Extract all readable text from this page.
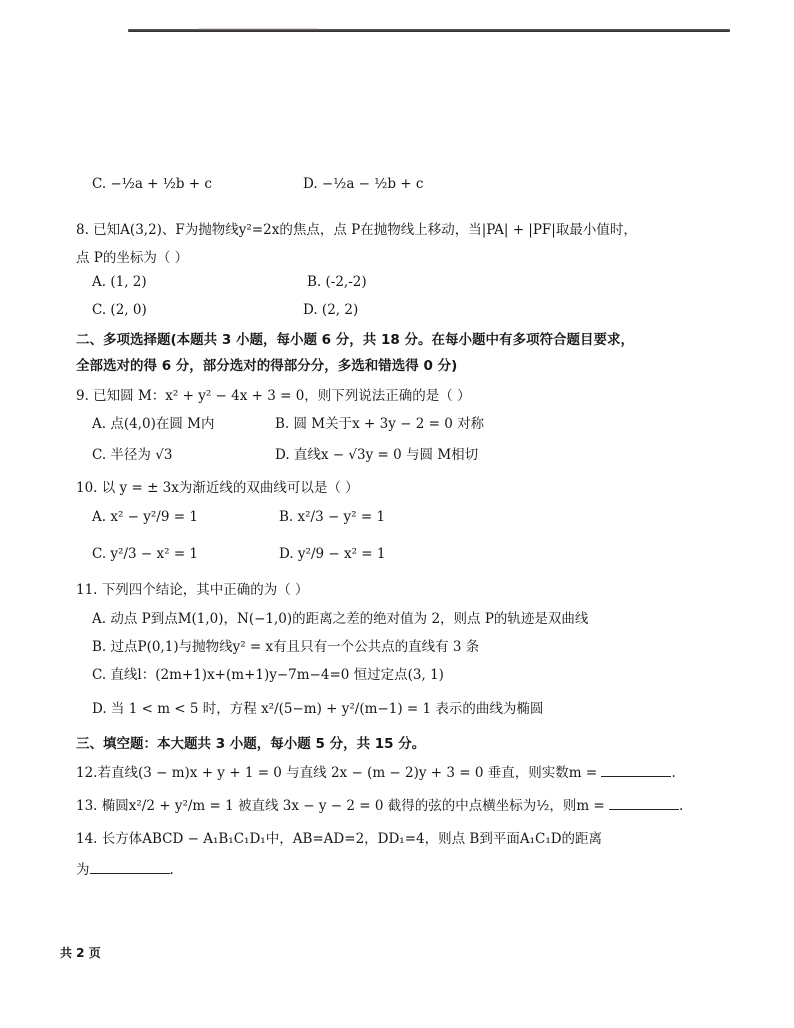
C. −½a + ½b + c	D. −½a − ½b + c
8. 已知A(3,2)、F为抛物线y²=2x的焦点，点 P在抛物线上移动，当|PA| + |PF|取最小值时，
点 P的坐标为（ ）
A. (1, 2)	B. (-2,-2)
C. (2, 0)	D. (2, 2)
二、多项选择题(本题共 3 小题，每小题 6 分，共 18 分。在每小题中有多项符合题目要求，
全部选对的得 6 分，部分选对的得部分分，多选和错选得 0 分)
9. 已知圆 M：x² + y² − 4x + 3 = 0，则下列说法正确的是（ ）
A. 点(4,0)在圆 M内	B. 圆 M关于x + 3y − 2 = 0 对称
C. 半径为 √3	D. 直线x − √3y = 0 与圆 M相切
10. 以 y = ± 3x为渐近线的双曲线可以是（ ）
A. x² − y²/9 = 1	B. x²/3 − y² = 1
C. y²/3 − x² = 1	D. y²/9 − x² = 1
11. 下列四个结论，其中正确的为（ ）
A. 动点 P到点M(1,0)，N(−1,0)的距离之差的绝对值为 2，则点 P的轨迹是双曲线
B. 过点P(0,1)与抛物线y² = x有且只有一个公共点的直线有 3 条
C. 直线l：(2m+1)x+(m+1)y−7m−4=0 恒过定点(3, 1)
D. 当 1 < m < 5 时，方程 x²/(5−m) + y²/(m−1) = 1 表示的曲线为椭圆
三、填空题：本大题共 3 小题，每小题 5 分，共 15 分。
12.若直线(3 − m)x + y + 1 = 0 与直线 2x − (m − 2)y + 3 = 0 垂直，则实数m =	.
13. 椭圆x²/2 + y²/m = 1 被直线 3x − y − 2 = 0 截得的弦的中点横坐标为½，则m =	.
14. 长方体ABCD − A₁B₁C₁D₁中，AB=AD=2，DD₁=4，则点 B到平面A₁C₁D的距离
为	.
共 2 页
